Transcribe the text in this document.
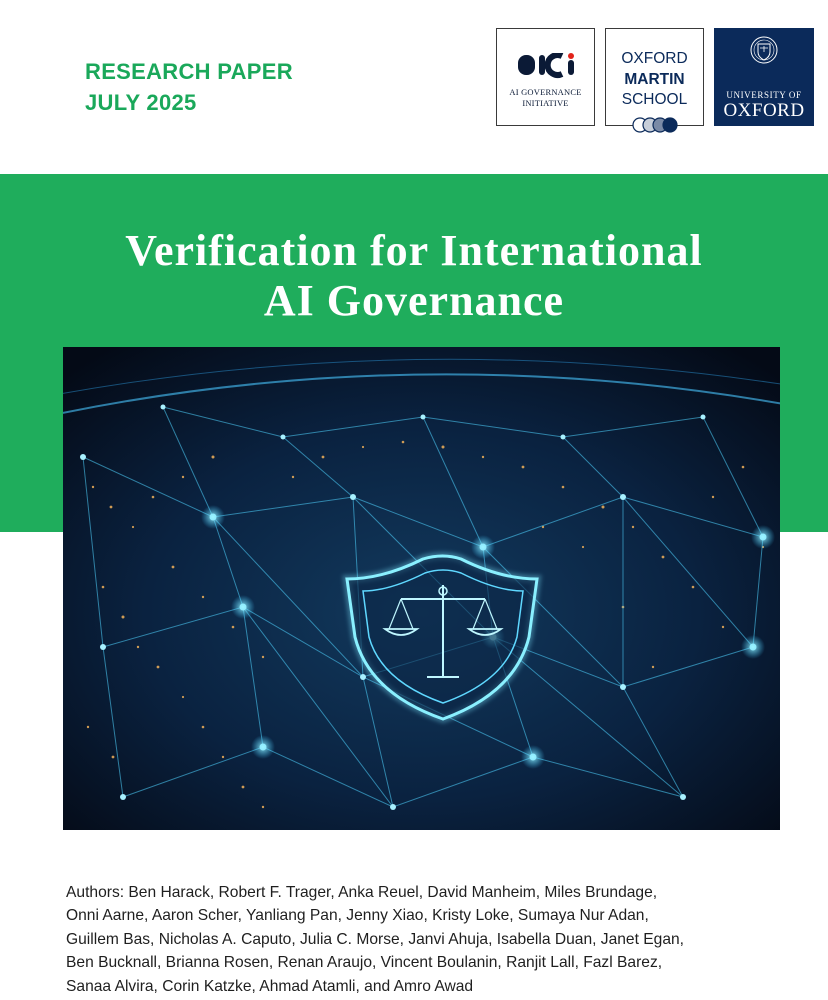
RESEARCH PAPER
JULY 2025	AI GOVERNANCE
INITIATIVE
OXFORD
MARTIN
SCHOOL	UNIVERSITY OF
OXFORD
Verification for International
AI Governance
Authors: Ben Harack, Robert F. Trager, Anka Reuel, David Manheim, Miles Brundage,
Onni Aarne, Aaron Scher, Yanliang Pan, Jenny Xiao, Kristy Loke, Sumaya Nur Adan,
Guillem Bas, Nicholas A. Caputo, Julia C. Morse, Janvi Ahuja, Isabella Duan, Janet Egan,
Ben Bucknall, Brianna Rosen, Renan Araujo, Vincent Boulanin, Ranjit Lall, Fazl Barez,
Sanaa Alvira, Corin Katzke, Ahmad Atamli, and Amro Awad
